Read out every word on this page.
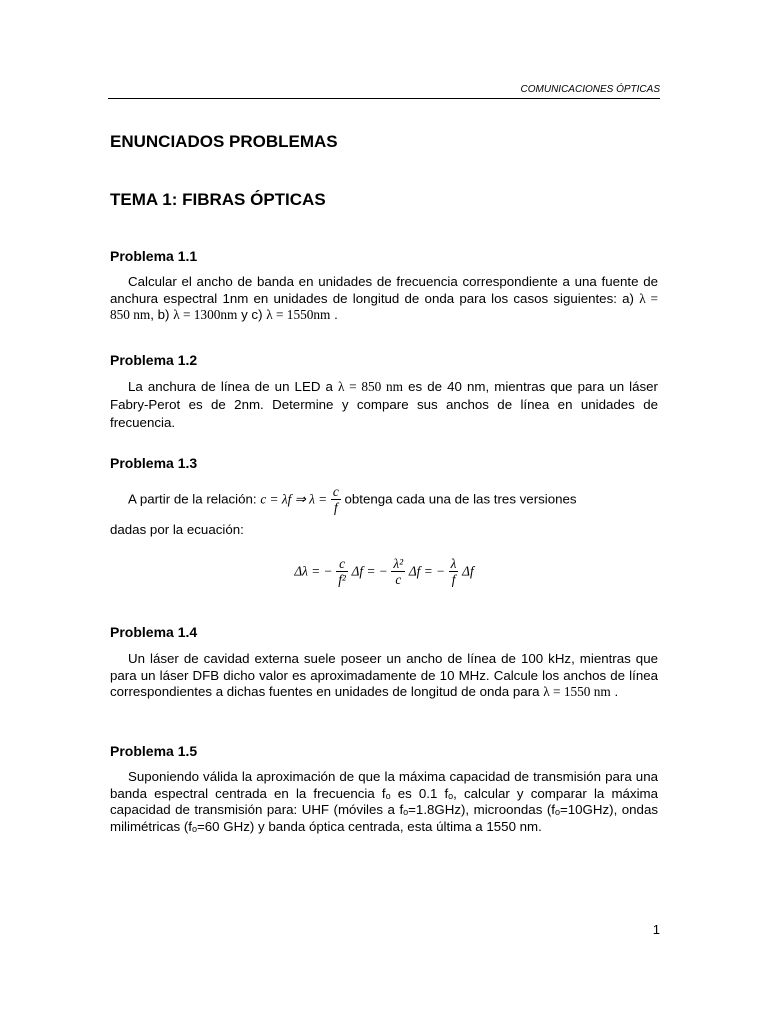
COMUNICACIONES ÓPTICAS
ENUNCIADOS PROBLEMAS
TEMA 1: FIBRAS ÓPTICAS
Problema 1.1
Calcular el ancho de banda en unidades de frecuencia correspondiente a una fuente de anchura espectral 1nm en unidades de longitud de onda para los casos siguientes: a) λ = 850 nm, b) λ = 1300nm y c) λ = 1550nm .
Problema 1.2
La anchura de línea de un LED a λ = 850 nm es de 40 nm, mientras que para un láser Fabry-Perot es de 2nm. Determine y compare sus anchos de línea en unidades de frecuencia.
Problema 1.3
A partir de la relación: c = λf ⇒ $\lambda = \frac{c}{f}$ obtenga cada una de las tres versiones
dadas por la ecuación:
Δλ = − $\frac{c}{\text{f²}}$ Δf = − $\frac{\text{λ²}}{c}$ Δf = − $\frac{\lambda}{f}$ Δf
Problema 1.4
Un láser de cavidad externa suele poseer un ancho de línea de 100 kHz, mientras que para un láser DFB dicho valor es aproximadamente de 10 MHz. Calcule los anchos de línea correspondientes a dichas fuentes en unidades de longitud de onda para λ = 1550 nm .
Problema 1.5
Suponiendo válida la aproximación de que la máxima capacidad de transmisión para una banda espectral centrada en la frecuencia fₒ es 0.1 fₒ, calcular y comparar la máxima capacidad de transmisión para: UHF (móviles a fₒ=1.8GHz), microondas (fₒ=10GHz), ondas milimétricas (fₒ=60 GHz) y banda óptica centrada, esta última a 1550 nm.
1
